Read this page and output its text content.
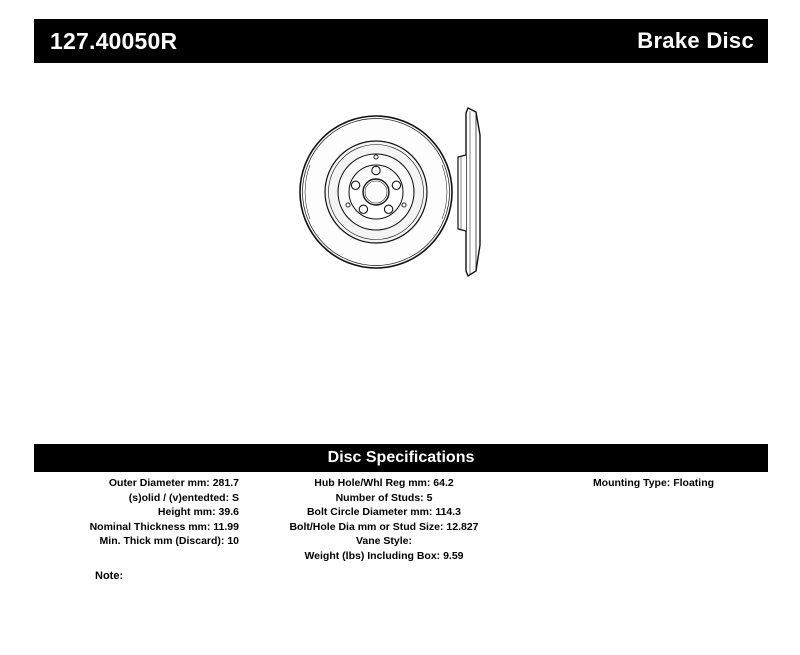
127.40050R	Brake Disc
Disc Specifications
Outer Diameter mm: 281.7
(s)olid / (v)entedted: S
Height mm: 39.6
Nominal Thickness mm: 11.99
Min. Thick mm (Discard): 10
Hub Hole/Whl Reg mm: 64.2
Number of Studs: 5
Bolt Circle Diameter mm: 114.3
Bolt/Hole Dia mm or Stud Size: 12.827
Vane Style:
Weight (lbs) Including Box: 9.59
Mounting Type: Floating
Note:
